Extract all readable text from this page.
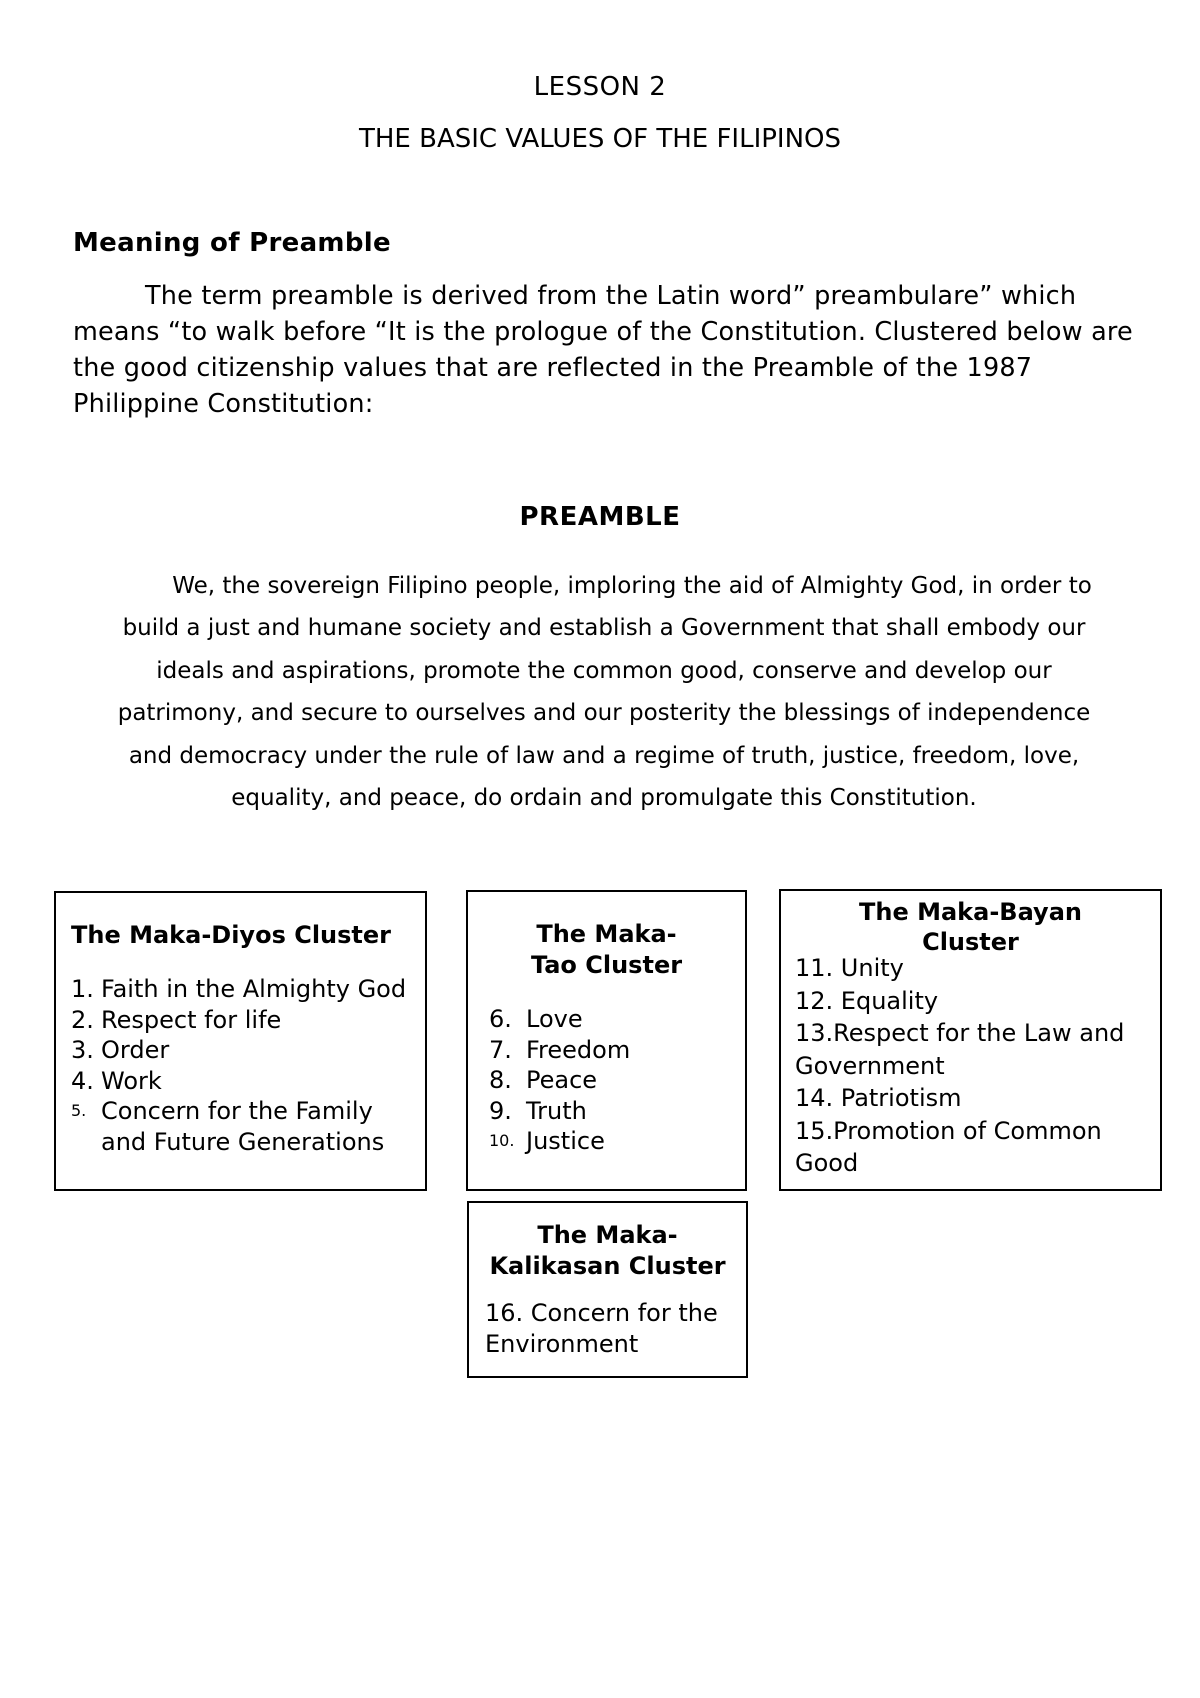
LESSON 2
THE BASIC VALUES OF THE FILIPINOS
Meaning of Preamble

The term preamble is derived from the Latin word” preambulare” which means “to walk before “It is the prologue of the Constitution. Clustered below are the good citizenship values that are reflected in the Preamble of the 1987 Philippine Constitution:

PREAMBLE

We, the sovereign Filipino people, imploring the aid of Almighty God, in order to
build a just and humane society and establish a Government that shall embody our
ideals and aspirations, promote the common good, conserve and develop our
patrimony, and secure to ourselves and our posterity the blessings of independence
and democracy under the rule of law and a regime of truth, justice, freedom, love,
equality, and peace, do ordain and promulgate this Constitution.

The Maka-Diyos Cluster
1. Faith in the Almighty God
2. Respect for life
3. Order
4. Work
5. Concern for the Family and Future Generations
The Maka-Tao Cluster
6. Love
7. Freedom
8. Peace
9. Truth
10. Justice
The Maka-Bayan Cluster
11. Unity
12. Equality
13.Respect for the Law and Government
14. Patriotism
15.Promotion of Common Good
The Maka-Kalikasan Cluster
16. Concern for the Environment
